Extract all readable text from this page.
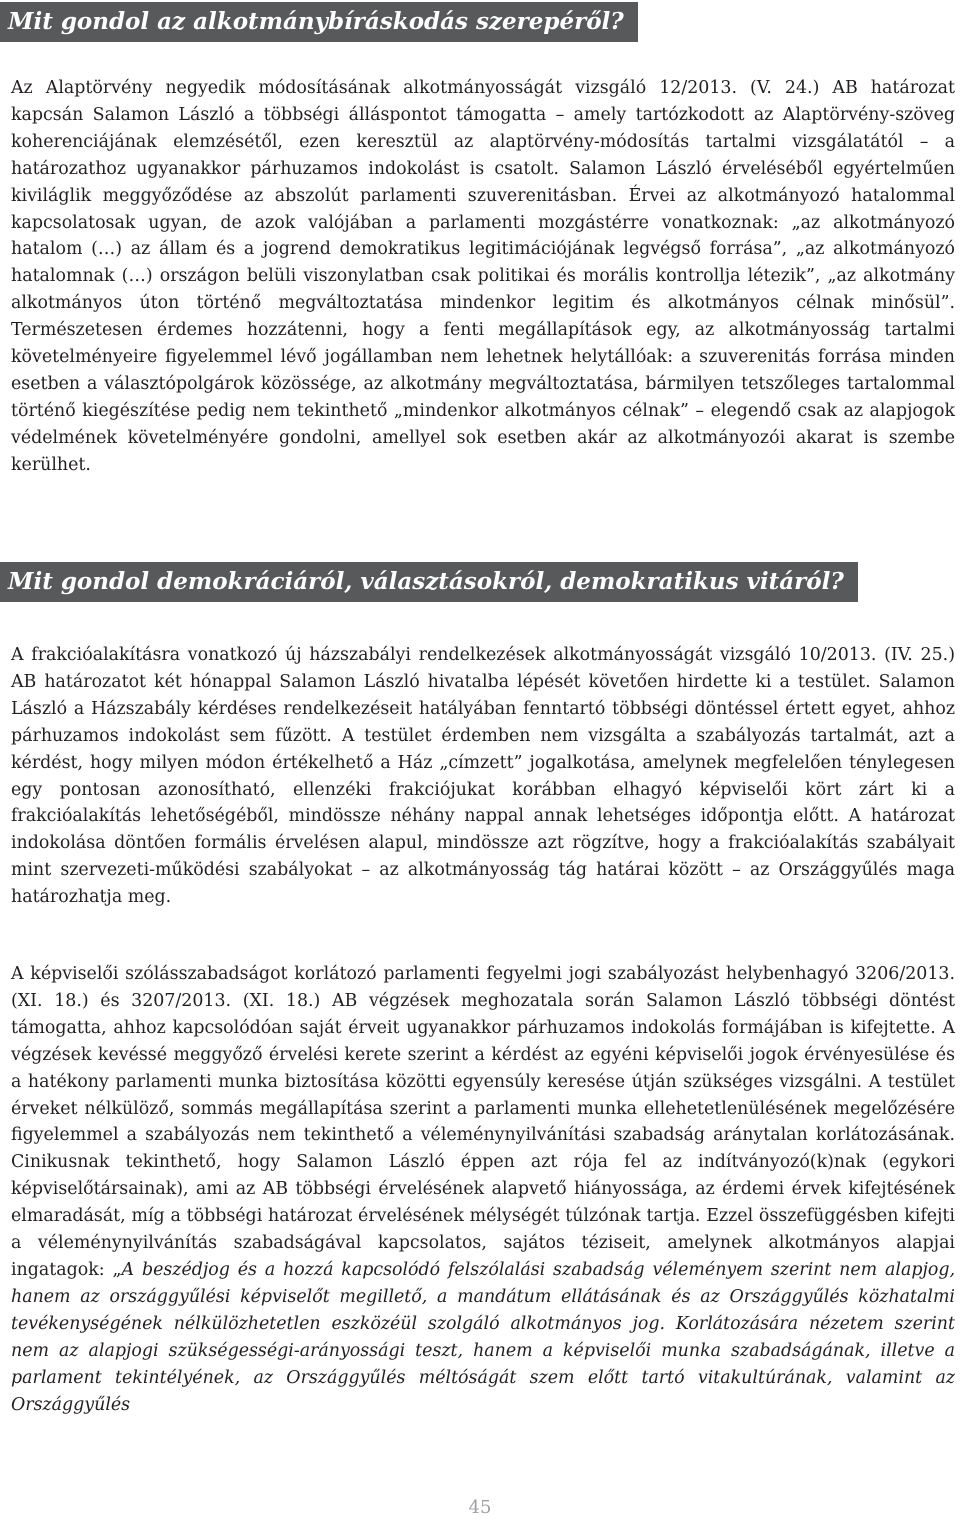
Mit gondol az alkotmánybíráskodás szerepéről?

Az Alaptörvény negyedik módosításának alkotmányosságát vizsgáló 12/2013. (V. 24.) AB határozat kapcsán Salamon László a többségi álláspontot támogatta – amely tartózkodott az Alaptörvény-szöveg koherenciájának elemzésétől, ezen keresztül az alaptörvény-módosítás tartalmi vizsgálatától – a határozathoz ugyanakkor párhuzamos indokolást is csatolt. Salamon László érveléséből egyértelműen kiviláglik meggyőződése az abszolút parlamenti szuverenitásban. Érvei az alkotmányozó hatalommal kapcsolatosak ugyan, de azok valójában a parlamenti mozgástérre vonatkoznak: „az alkotmányozó hatalom (…) az állam és a jogrend demokratikus legitimációjának legvégső forrása”, „az alkotmányozó hatalomnak (…) országon belüli viszonylatban csak politikai és morális kontrollja létezik”, „az alkotmány alkotmányos úton történő megváltoztatása mindenkor legitim és alkotmányos célnak minősül”. Természetesen érdemes hozzátenni, hogy a fenti megállapítások egy, az alkotmányosság tartalmi követelményeire figyelemmel lévő jogállamban nem lehetnek helytállóak: a szuverenitás forrása minden esetben a választópolgárok közössége, az alkotmány megváltoztatása, bármilyen tetszőleges tartalommal történő kiegészítése pedig nem tekinthető „mindenkor alkotmányos célnak” – elegendő csak az alapjogok védelmének követelményére gondolni, amellyel sok esetben akár az alkotmányozói akarat is szembe kerülhet.

Mit gondol demokráciáról, választásokról, demokratikus vitáról?

A frakcióalakításra vonatkozó új házszabályi rendelkezések alkotmányosságát vizsgáló 10/2013. (IV. 25.) AB határozatot két hónappal Salamon László hivatalba lépését követően hirdette ki a testület. Salamon László a Házszabály kérdéses rendelkezéseit hatályában fenntartó többségi döntéssel értett egyet, ahhoz párhuzamos indokolást sem fűzött. A testület érdemben nem vizsgálta a szabályozás tartalmát, azt a kérdést, hogy milyen módon értékelhető a Ház „címzett” jogalkotása, amelynek megfelelően ténylegesen egy pontosan azonosítható, ellenzéki frakciójukat korábban elhagyó képviselői kört zárt ki a frakcióalakítás lehetőségéből, mindössze néhány nappal annak lehetséges időpontja előtt. A határozat indokolása döntően formális érvelésen alapul, mindössze azt rögzítve, hogy a frakcióalakítás szabályait mint szervezeti-működési szabályokat – az alkotmányosság tág határai között – az Országgyűlés maga határozhatja meg.

A képviselői szólásszabadságot korlátozó parlamenti fegyelmi jogi szabályozást helybenhagyó 3206/2013. (XI. 18.) és 3207/2013. (XI. 18.) AB végzések meghozatala során Salamon László többségi döntést támogatta, ahhoz kapcsolódóan saját érveit ugyanakkor párhuzamos indokolás formájában is kifejtette. A végzések kevéssé meggyőző érvelési kerete szerint a kérdést az egyéni képviselői jogok érvényesülése és a hatékony parlamenti munka biztosítása közötti egyensúly keresése útján szükséges vizsgálni. A testület érveket nélkülöző, sommás megállapítása szerint a parlamenti munka ellehetetlenülésének megelőzésére figyelemmel a szabályozás nem tekinthető a véleménynyilvánítási szabadság aránytalan korlátozásának. Cinikusnak tekinthető, hogy Salamon László éppen azt rója fel az indítványozó(k)nak (egykori képviselőtársainak), ami az AB többségi érvelésének alapvető hiányossága, az érdemi érvek kifejtésének elmaradását, míg a többségi határozat érvelésének mélységét túlzónak tartja. Ezzel összefüggésben kifejti a véleménynyilvánítás szabadságával kapcsolatos, sajátos téziseit, amelynek alkotmányos alapjai ingatagok: „A beszédjog és a hozzá kapcsolódó felszólalási szabadság véleményem szerint nem alapjog, hanem az országgyűlési képviselőt megillető, a mandátum ellátásának és az Országgyűlés közhatalmi tevékenységének nélkülözhetetlen eszközéül szolgáló alkotmányos jog. Korlátozására nézetem szerint nem az alapjogi szükségességi-arányossági teszt, hanem a képviselői munka szabadságának, illetve a parlament tekintélyének, az Országgyűlés méltóságát szem előtt tartó vitakultúrának, valamint az Országgyűlés

45
